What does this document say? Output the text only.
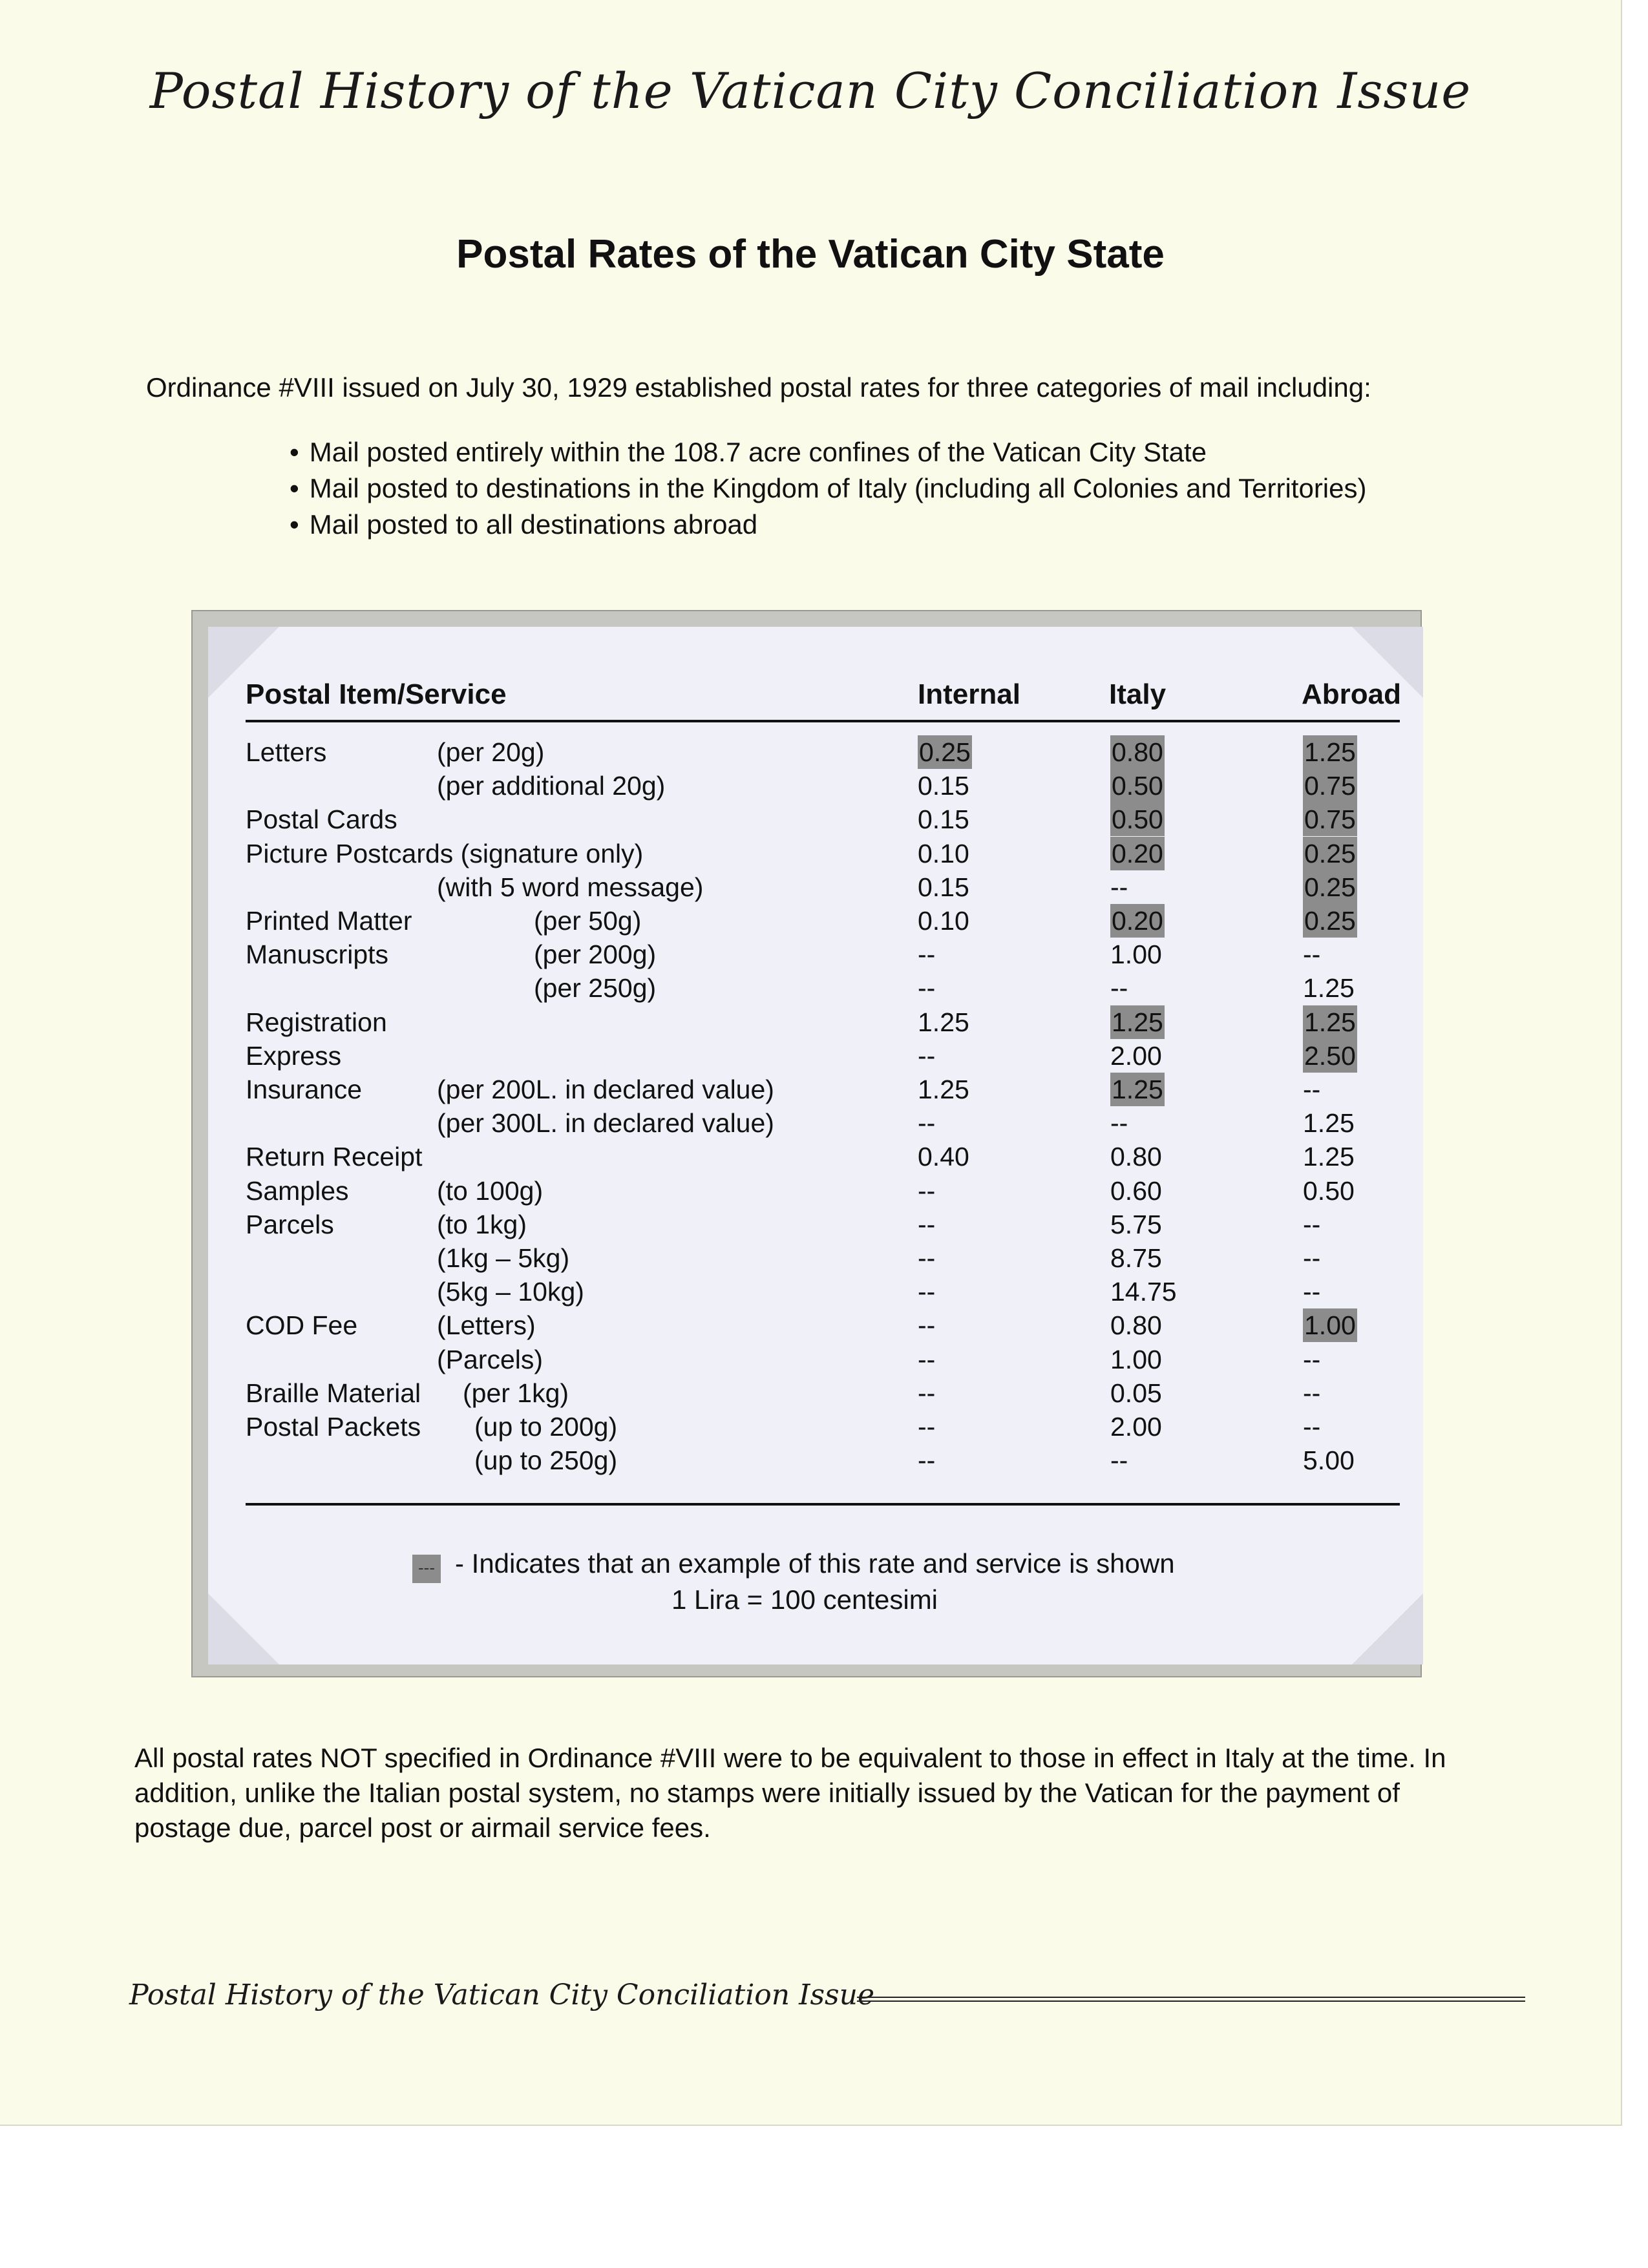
Postal History of the Vatican City Conciliation Issue
Postal Rates of the Vatican City State
Ordinance #VIII issued on July 30, 1929 established postal rates for three categories of mail including:
• Mail posted entirely within the 108.7 acre confines of the Vatican City State
• Mail posted to destinations in the Kingdom of Italy (including all Colonies and Territories)
• Mail posted to all destinations abroad
Postal Item/Service	Internal	Italy	Abroad
Letters	(per 20g)	0.25	0.80	1.25
(per additional 20g)	0.15	0.50	0.75
Postal Cards	0.15	0.50	0.75
Picture Postcards (signature only)	0.10	0.20	0.25
(with 5 word message)	0.15	--	0.25
Printed Matter	(per 50g)	0.10	0.20	0.25
Manuscripts	(per 200g)	--	1.00	--
(per 250g)	--	--	1.25
Registration	1.25	1.25	1.25
Express	--	2.00	2.50
Insurance	(per 200L. in declared value)	1.25	1.25	--
(per 300L. in declared value)	--	--	1.25
Return Receipt	0.40	0.80	1.25
Samples	(to 100g)	--	0.60	0.50
Parcels	(to 1kg)	--	5.75	--
(1kg – 5kg)	--	8.75	--
(5kg – 10kg)	--	14.75	--
COD Fee	(Letters)	--	0.80	1.00
(Parcels)	--	1.00	--
Braille Material (per 1kg)	--	0.05	--
Postal Packets (up to 200g)	--	2.00	--
(up to 250g)	--	--	5.00
--- - Indicates that an example of this rate and service is shown
1 Lira = 100 centesimi
All postal rates NOT specified in Ordinance #VIII were to be equivalent to those in effect in Italy at the time. In addition, unlike the Italian postal system, no stamps were initially issued by the Vatican for the payment of postage due, parcel post or airmail service fees.
Postal History of the Vatican City Conciliation Issue
